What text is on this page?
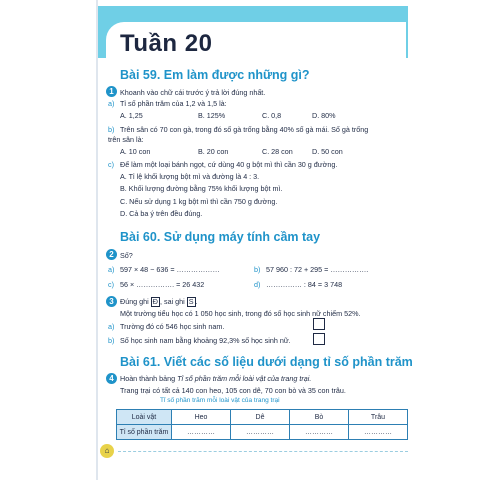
Tuần 20
Bài 59. Em làm được những gì?
1 Khoanh vào chữ cái trước ý trả lời đúng nhất.
a) Tỉ số phần trăm của 1,2 và 1,5 là:
A. 1,25	B. 125%	C. 0,8	D. 80%
b) Trên sân có 70 con gà, trong đó số gà trống bằng 40% số gà mái. Số gà trống
trên sân là:
A. 10 con	B. 20 con	C. 28 con	D. 50 con
c) Để làm một loại bánh ngọt, cứ dùng 40 g bột mì thì cần 30 g đường.
A. Tỉ lệ khối lượng bột mì và đường là 4 : 3.
B. Khối lượng đường bằng 75% khối lượng bột mì.
C. Nếu sử dụng 1 kg bột mì thì cần 750 g đường.
D. Cả ba ý trên đều đúng.
Bài 60. Sử dụng máy tính cầm tay
2 Số?
a) 597 × 48 − 636 = ………………	b) 57 960 : 72 + 295 = …………….
c) 56 × ……………. = 26 432	d) …………… : 84 = 3 748
3 Đúng ghi Đ , sai ghi S .
Một trường tiểu học có 1 050 học sinh, trong đó số học sinh nữ chiếm 52%.
a) Trường đó có 546 học sinh nam.
b) Số học sinh nam bằng khoảng 92,3% số học sinh nữ.
Bài 61. Viết các số liệu dưới dạng tỉ số phần trăm
4 Hoàn thành bảng Tỉ số phần trăm mỗi loài vật của trang trại.
Trang trại có tất cả 140 con heo, 105 con dê, 70 con bò và 35 con trâu.
Tỉ số phần trăm mỗi loài vật của trang trại
Loài vật	Heo	Dê	Bò	Trâu
Tỉ số phần trăm	…………	…………	…………	…………
⌂
